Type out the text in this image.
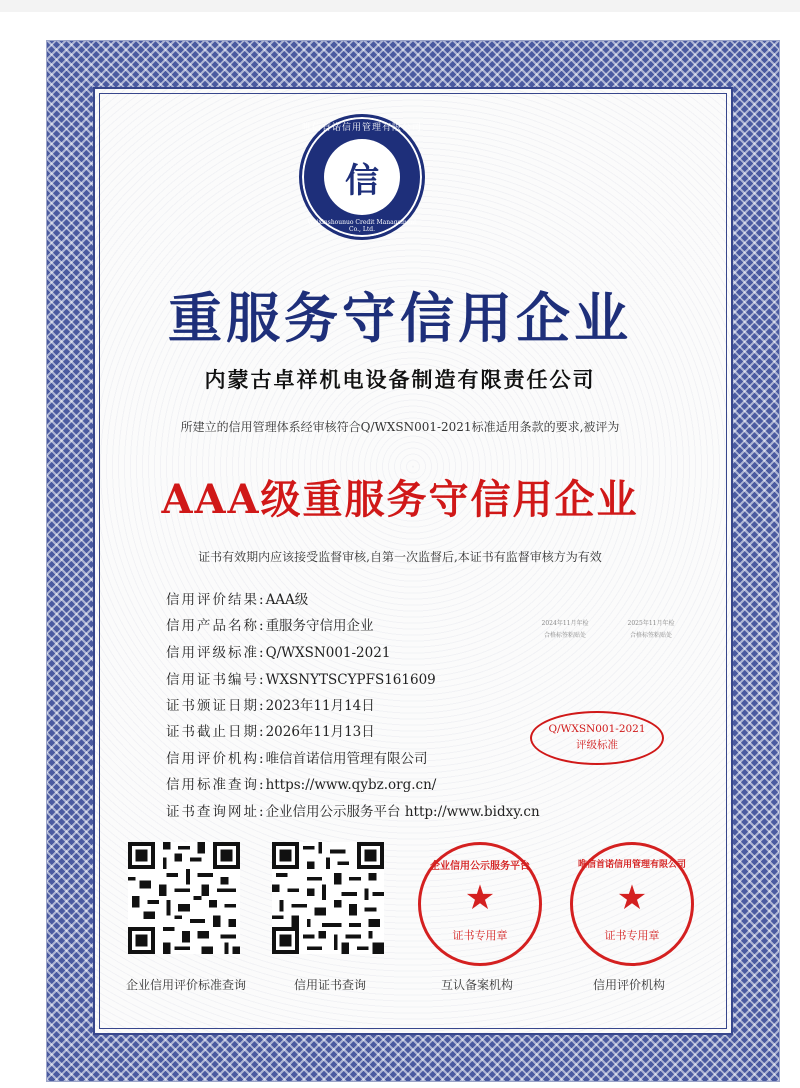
唯信首诺信用管理有限公司
信
Weixinshounuo Credit Management Co., Ltd.
重服务守信用企业
内蒙古卓祥机电设备制造有限责任公司
所建立的信用管理体系经审核符合Q/WXSN001-2021标准适用条款的要求,被评为
AAA级重服务守信用企业
证书有效期内应该接受监督审核,自第一次监督后,本证书有监督审核方为有效
信用评价结果:AAA级
信用产品名称:重服务守信用企业
信用评级标准:Q/WXSN001-2021
信用证书编号:WXSNYTSCYPFS161609
证书颁证日期:2023年11月14日
证书截止日期:2026年11月13日
信用评价机构:唯信首诺信用管理有限公司
信用标准查询:https://www.qybz.org.cn/
证书查询网址:企业信用公示服务平台 http://www.bidxy.cn
2024年11月年检
合格标签粘贴处
2025年11月年检
合格标签粘贴处
Q/WXSN001-2021
评级标准
企业信用公示服务平台
★
证书专用章
唯信首诺信用管理有限公司
★
证书专用章
企业信用评价标准查询	信用证书查询	互认备案机构	信用评价机构
